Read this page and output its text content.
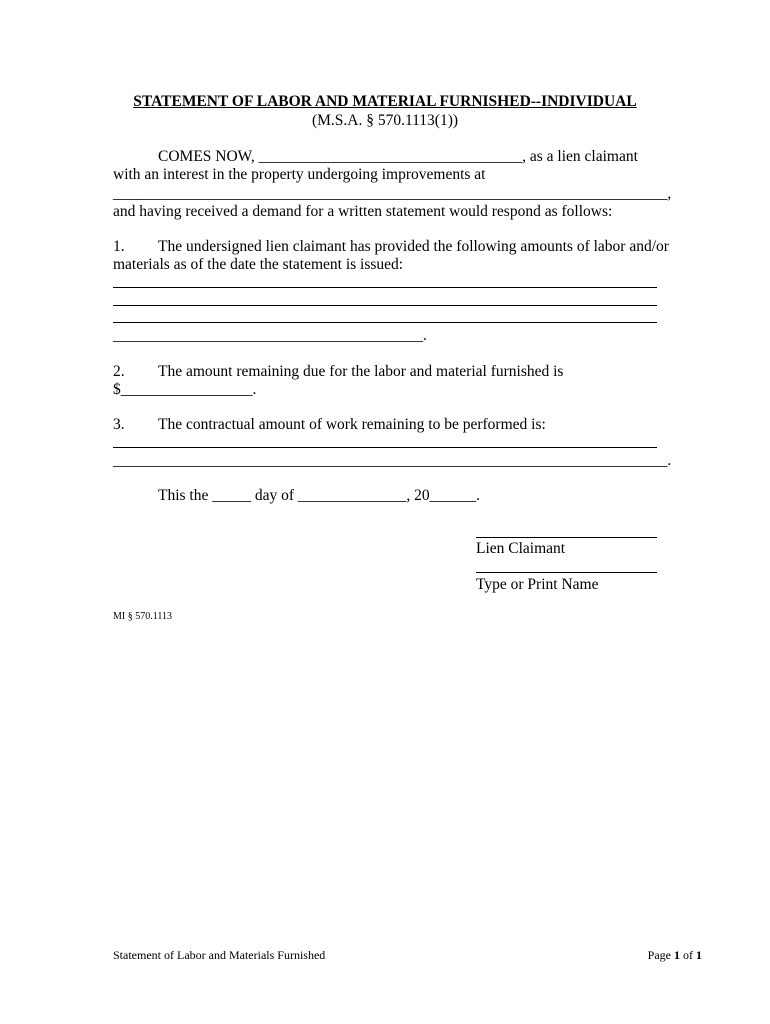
STATEMENT OF LABOR AND MATERIAL FURNISHED--INDIVIDUAL
(M.S.A. § 570.1113(1))
COMES NOW, __________________________________, as a lien claimant
with an interest in the property undergoing improvements at
________________________________________________________________________,
and having received a demand for a written statement would respond as follows:
1. The undersigned lien claimant has provided the following amounts of labor and/or
materials as of the date the statement is issued:
________________________________________.
2. The amount remaining due for the labor and material furnished is
$_________________.
3. The contractual amount of work remaining to be performed is:
________________________________________________________________________.
This the _____ day of ______________, 20______.
Lien Claimant
Type or Print Name
MI § 570.1113
Statement of Labor and Materials Furnished	Page 1 of 1
